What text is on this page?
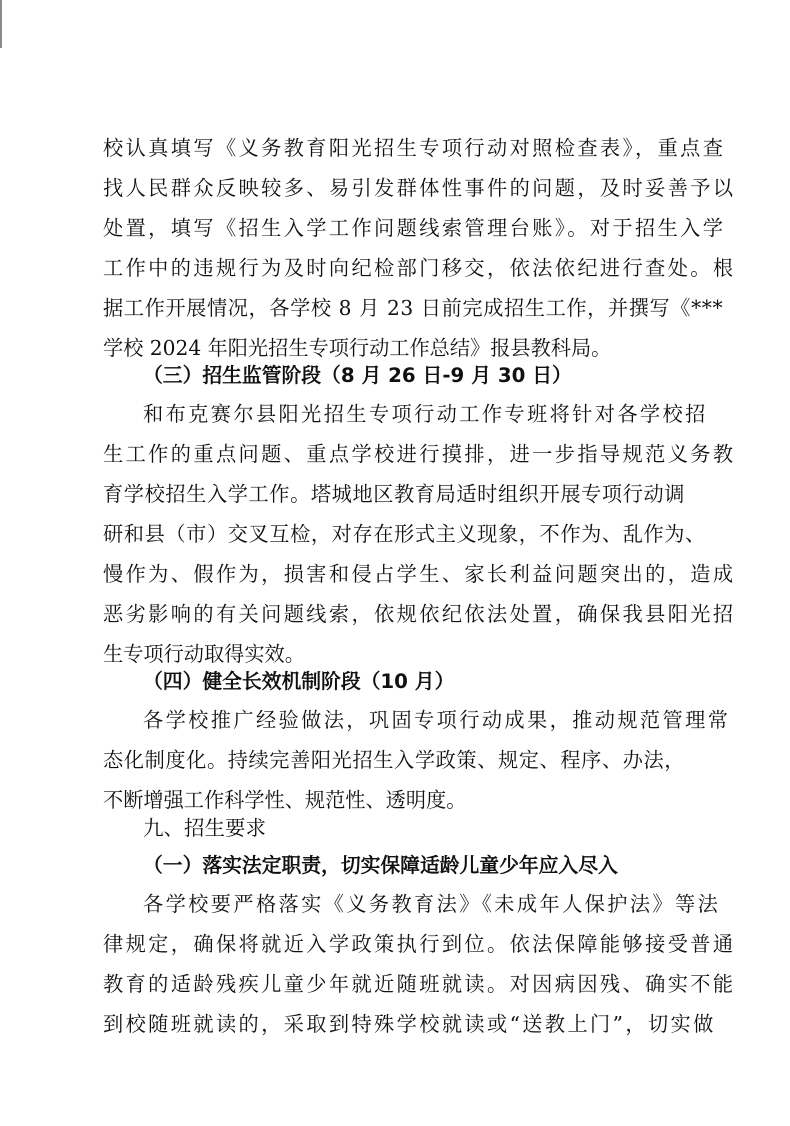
校认真填写《义务教育阳光招生专项行动对照检查表》，重点查
找人民群众反映较多、易引发群体性事件的问题，及时妥善予以
处置，填写《招生入学工作问题线索管理台账》。对于招生入学
工作中的违规行为及时向纪检部门移交，依法依纪进行查处。根
据工作开展情况，各学校 8 月 23 日前完成招生工作，并撰写《***
学校 2024 年阳光招生专项行动工作总结》报县教科局。
（三）招生监管阶段（8 月 26 日-9 月 30 日）
和布克赛尔县阳光招生专项行动工作专班将针对各学校招
生工作的重点问题、重点学校进行摸排，进一步指导规范义务教
育学校招生入学工作。塔城地区教育局适时组织开展专项行动调
研和县（市）交叉互检，对存在形式主义现象，不作为、乱作为、
慢作为、假作为，损害和侵占学生、家长利益问题突出的，造成
恶劣影响的有关问题线索，依规依纪依法处置，确保我县阳光招
生专项行动取得实效。
（四）健全长效机制阶段（10 月）
各学校推广经验做法，巩固专项行动成果，推动规范管理常
态化制度化。持续完善阳光招生入学政策、规定、程序、办法，
不断增强工作科学性、规范性、透明度。
九、招生要求
（一）落实法定职责，切实保障适龄儿童少年应入尽入
各学校要严格落实《义务教育法》《未成年人保护法》等法
律规定，确保将就近入学政策执行到位。依法保障能够接受普通
教育的适龄残疾儿童少年就近随班就读。对因病因残、确实不能
到校随班就读的，采取到特殊学校就读或“送教上门”，切实做
